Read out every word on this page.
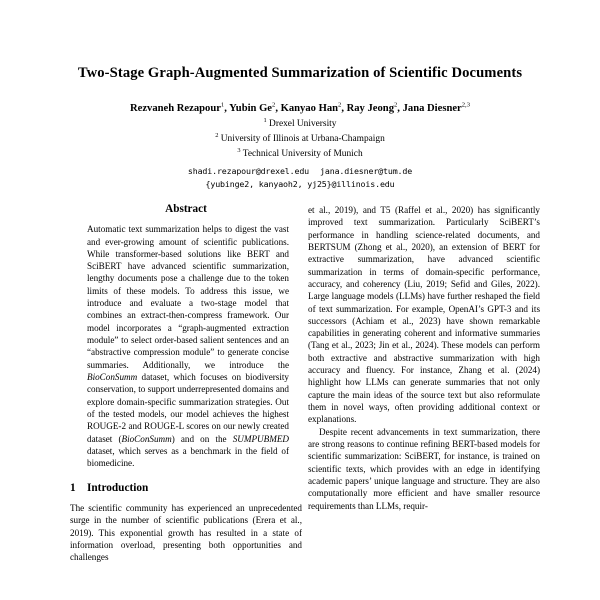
Two-Stage Graph-Augmented Summarization of Scientific Documents
Rezvaneh Rezapour$^1$, Yubin Ge$^2$, Kanyao Han$^2$, Ray Jeong$^2$, Jana Diesner$^{2,3}$
$^1$ Drexel University
$^2$ University of Illinois at Urbana-Champaign
$^3$ Technical University of Munich
shadi.rezapour@drexel.edu jana.diesner@tum.de
{yubinge2, kanyaoh2, yj25}@illinois.edu
Abstract

Automatic text summarization helps to digest the vast and ever-growing amount of scientific publications. While transformer-based solutions like BERT and SciBERT have advanced scientific summarization, lengthy documents pose a challenge due to the token limits of these models. To address this issue, we introduce and evaluate a two-stage model that combines an extract-then-compress framework. Our model incorporates a “graph-augmented extraction module” to select order-based salient sentences and an “abstractive compression module” to generate concise summaries. Additionally, we introduce the BioConSumm dataset, which focuses on biodiversity conservation, to support underrepresented domains and explore domain-specific summarization strategies. Out of the tested models, our model achieves the highest ROUGE-2 and ROUGE-L scores on our newly created dataset (BioConSumm) and on the SUMPUBMED dataset, which serves as a benchmark in the field of biomedicine.

1 Introduction

The scientific community has experienced an unprecedented surge in the number of scientific publications (Erera et al., 2019). This exponential growth has resulted in a state of information overload, presenting both opportunities and challenges

et al., 2019), and T5 (Raffel et al., 2020) has significantly improved text summarization. Particularly SciBERT’s performance in handling science-related documents, and BERTSUM (Zhong et al., 2020), an extension of BERT for extractive summarization, have advanced scientific summarization in terms of domain-specific performance, accuracy, and coherency (Liu, 2019; Sefid and Giles, 2022). Large language models (LLMs) have further reshaped the field of text summarization. For example, OpenAI’s GPT-3 and its successors (Achiam et al., 2023) have shown remarkable capabilities in generating coherent and informative summaries (Tang et al., 2023; Jin et al., 2024). These models can perform both extractive and abstractive summarization with high accuracy and fluency. For instance, Zhang et al. (2024) highlight how LLMs can generate summaries that not only capture the main ideas of the source text but also reformulate them in novel ways, often providing additional context or explanations.

Despite recent advancements in text summarization, there are strong reasons to continue refining BERT-based models for scientific summarization: SciBERT, for instance, is trained on scientific texts, which provides with an edge in identifying academic papers’ unique language and structure. They are also computationally more efficient and have smaller resource requirements than LLMs, requir-
